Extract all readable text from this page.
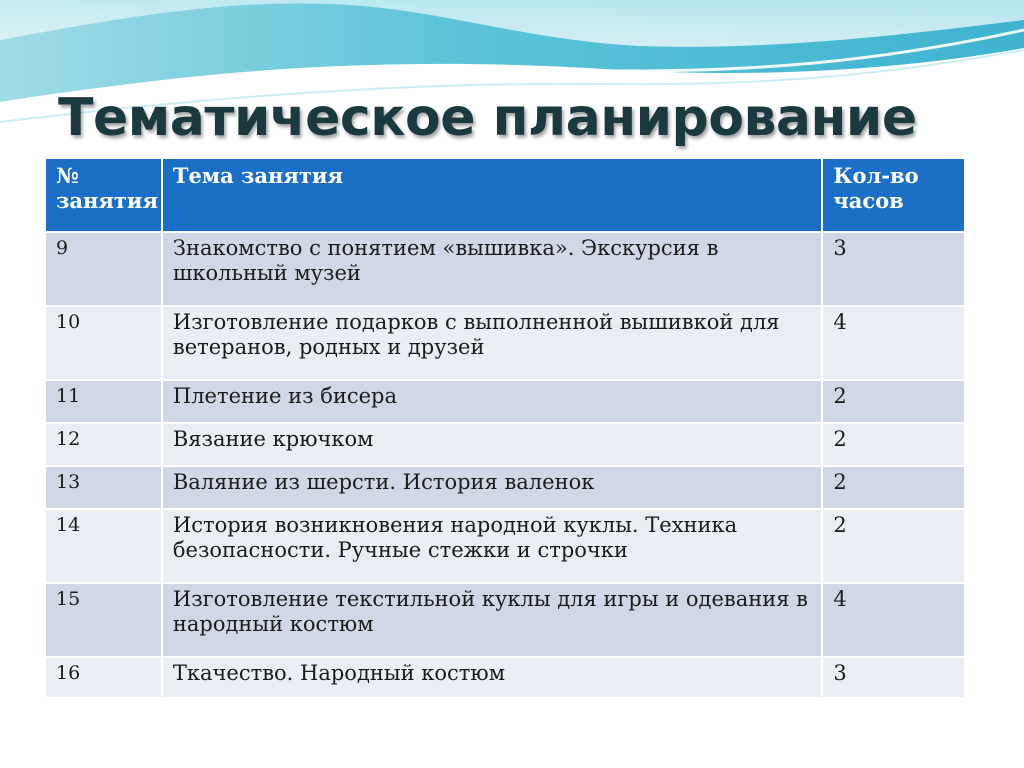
Тематическое планирование
№ занятия	Тема занятия	Кол-во часов
9	Знакомство с понятием «вышивка». Экскурсия в школьный музей	3
10	Изготовление подарков с выполненной вышивкой для ветеранов, родных и друзей	4
11	Плетение из бисера	2
12	Вязание крючком	2
13	Валяние из шерсти. История валенок	2
14	История возникновения народной куклы. Техника безопасности. Ручные стежки и строчки	2
15	Изготовление текстильной куклы для игры и одевания в народный костюм	4
16	Ткачество. Народный костюм	3
